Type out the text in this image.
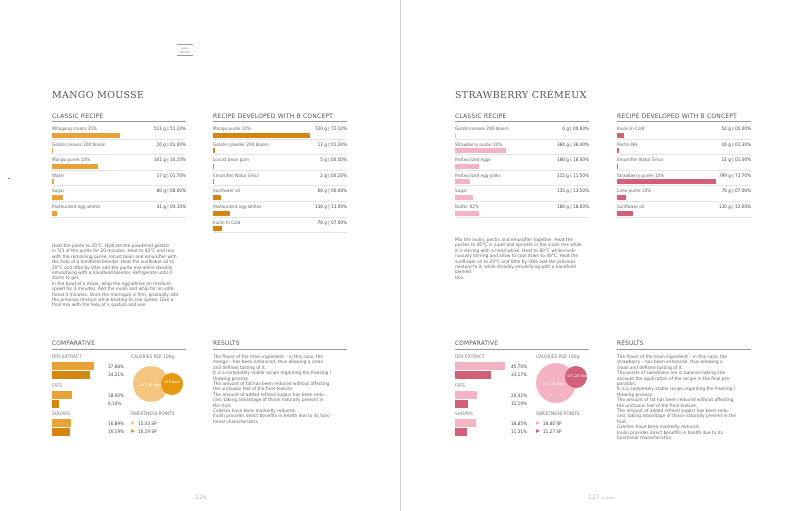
pack
Bonbe
MANGO MOUSSE
CLASSIC RECIPE
Whipping cream 35%	511 g | 51.10%
Gelatin leaves 200 bloom	10 g | 01.00%
Mango purée 10%	341 g | 34.10%
Water	17 g | 01.70%
Sugar	80 g | 08.00%
Pasteurized egg whites	41 g | 04.10%
RECIPE DEVELOPED WITH B CONCEPT
Mango purée 10%	720 g | 72.10%
Gelatin powder 200 bloom	12 g | 01.20%
Locust bean gum	5 g | 00.50%
Emulsifier Natur Emul	2 g | 00.20%
Sunflower oil	60 g | 06.00%
Pasteurized egg whites	130 g | 13.00%
Inulin In Cold	70 g | 07.00%
Heat the purée to 20°C. Hydrate the powdered gelatin
in 5/3 of the purée for 20 minutes. Heat to 40°C and mix
with the remaining purée, locust bean and emulsifier with
the help of a handheld blender. Heat the sunflower oil to
20°C and little by little add the purée mix while steadily
emulsifying with a handheld blender. Refrigerate until it
starts to gel.
In the bowl of a mixer, whip the egg whites on medium
speed for 3 minutes. Add the inulin and whip for an addi-
tional 4 minutes. Once the meringue is firm, gradually add
the previous mixture while beating on low speed. Give a
final mix with the help of a spatula and use.
COMPARATIVE
DRY EXTRACT
37,88%
34,21%
FATS
18,00%
6,14%
SUGARS
16,89%
16,19%
CALORIES PER 100g
273,13 Kcal
146 Kcal
SWEETNESS POINTS
15,43 SP
16,19 SP
RESULTS
The flavor of the main ingredient – in this case, the
mango – has been enhanced, thus allowing a clean
and defined tasting of it.
It is a completely stable recipe regarding the freezing /
thawing process.
The amount of fat has been reduced without affecting
the unctuous feel of the final texture.
The amount of added refined sugars has been redu-
ced, taking advantage of those naturally present in
the fruit.
Calories have been markedly reduced.
Inulin provides direct benefits in health due to its func-
tional characteristics.
126
STRAWBERRY CRÉMEUX
CLASSIC RECIPE
Gelatin leaves 200 bloom	6 g | 00.60%
Strawberry purée 10%	384 g | 38.40%
Pasteurized eggs	180 g | 18.00%
Pasteurized egg yolks	115 g | 11.50%
Sugar	135 g | 13.50%
Butter 82%	180 g | 18.00%
RECIPE DEVELOPED WITH B CONCEPT
Inulin In Cold	54 g | 05.00%
Pectin NH	16 g | 01.30%
Emulsifier Natur Emul	11 g | 01.00%
Strawberry purée 10%	799 g | 73.70%
Lime purée 10%	76 g | 07.00%
Sunflower oil	130 g | 12.00%
Mix the inulin, pectin and emulsifier together. Heat the
purées to 45°C in a pot and sprinkle in the inulin mix while
it is stirring with a hand whisk. Heat to 80°C while conti-
nuously stirring and allow to cool down to 40°C. Heat the
sunflower oil to 20°C and little by little add the previous
mixture to it, while steadily emulsifying with a handheld
blender.
Use.
COMPARATIVE
DRY EXTRACT
45,70%
33,17%
FATS
20,42%
12,19%
SUGARS
18,85%
11,31%
CALORIES PER 100g
277,15 Kcal
171,25 Kcal
SWEETNESS POINTS
18,80 SP
11,27 SP
RESULTS
The flavor of the main ingredient – in this case, the
strawberry – has been enhanced, thus allowing a
clean and defined tasting of it.
The points of sweetness are in balance taking into
account the application of the recipe in the final pre-
paration.
It is a completely stable recipe regarding the freezing /
thawing process.
The amount of fat has been reduced without affecting
the unctuous feel of the final texture.
The amount of added refined sugars has been redu-
ced, taking advantage of those naturally present in the
fruit.
Calories have been markedly reduced.
Inulin provides direct benefits in health due to its
functional characteristics.
127 in great
